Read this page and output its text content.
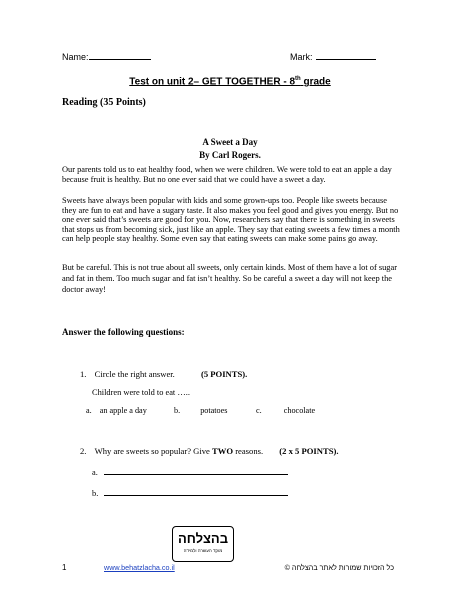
Name:	Mark:
Test on unit 2– GET TOGETHER - 8th grade
Reading (35 Points)
A Sweet a Day
By Carl Rogers.

Our parents told us to eat healthy food, when we were children. We were told to eat an apple a day because fruit is healthy. But no one ever said that we could have a sweet a day.

Sweets have always been popular with kids and some grown-ups too. People like sweets because they are fun to eat and have a sugary taste. It also makes you feel good and gives you energy. But no one ever said that’s sweets are good for you. Now, researchers say that there is something in sweets that stops us from becoming sick, just like an apple. They say that eating sweets a few times a month can help people stay healthy. Some even say that eating sweets can make some pains go away.

But be careful. This is not true about all sweets, only certain kinds. Most of them have a lot of sugar and fat in them. Too much sugar and fat isn’t healthy. So be careful a sweet a day will not keep the doctor away!

Answer the following questions:
1. Circle the right answer.	(5 POINTS).
Children were told to eat …..
a. an apple a day	b. potatoes	c.	chocolate
2. Why are sweets so popular? Give TWO reasons. (2 x 5 POINTS).
a.
b.
בהצלחה
מוקד העשרה ולמידה
1	www.behatzlacha.co.il	כל הזכויות שמורות לאתר בהצלחה ©
